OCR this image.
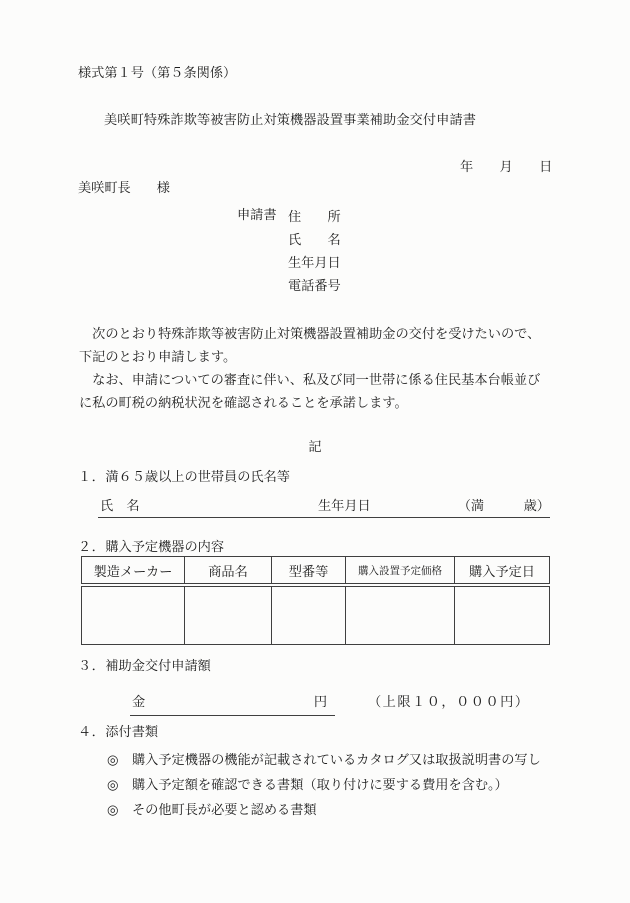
様式第１号（第５条関係）
美咲町特殊詐欺等被害防止対策機器設置事業補助金交付申請書
年　　月　　日
美咲町長 様
申請書 住　　所
氏　　名
生年月日
電話番号

　次のとおり特殊詐欺等被害防止対策機器設置補助金の交付を受けたいので、下記のとおり申請します。

　なお、申請についての審査に伴い、私及び同一世帯に係る住民基本台帳並びに私の町税の納税状況を確認されることを承諾します。

記
１．満６５歳以上の世帯員の氏名等
氏　名	生年月日	（満　　　歳）
２．購入予定機器の内容
製造メーカー	商品名	型番等	購入設置予定価格	購入予定日

３．補助金交付申請額
金	円	（上限１０，０００円）
４．添付書類
◎ 購入予定機器の機能が記載されているカタログ又は取扱説明書の写し
◎ 購入予定額を確認できる書類（取り付けに要する費用を含む。）
◎ その他町長が必要と認める書類
